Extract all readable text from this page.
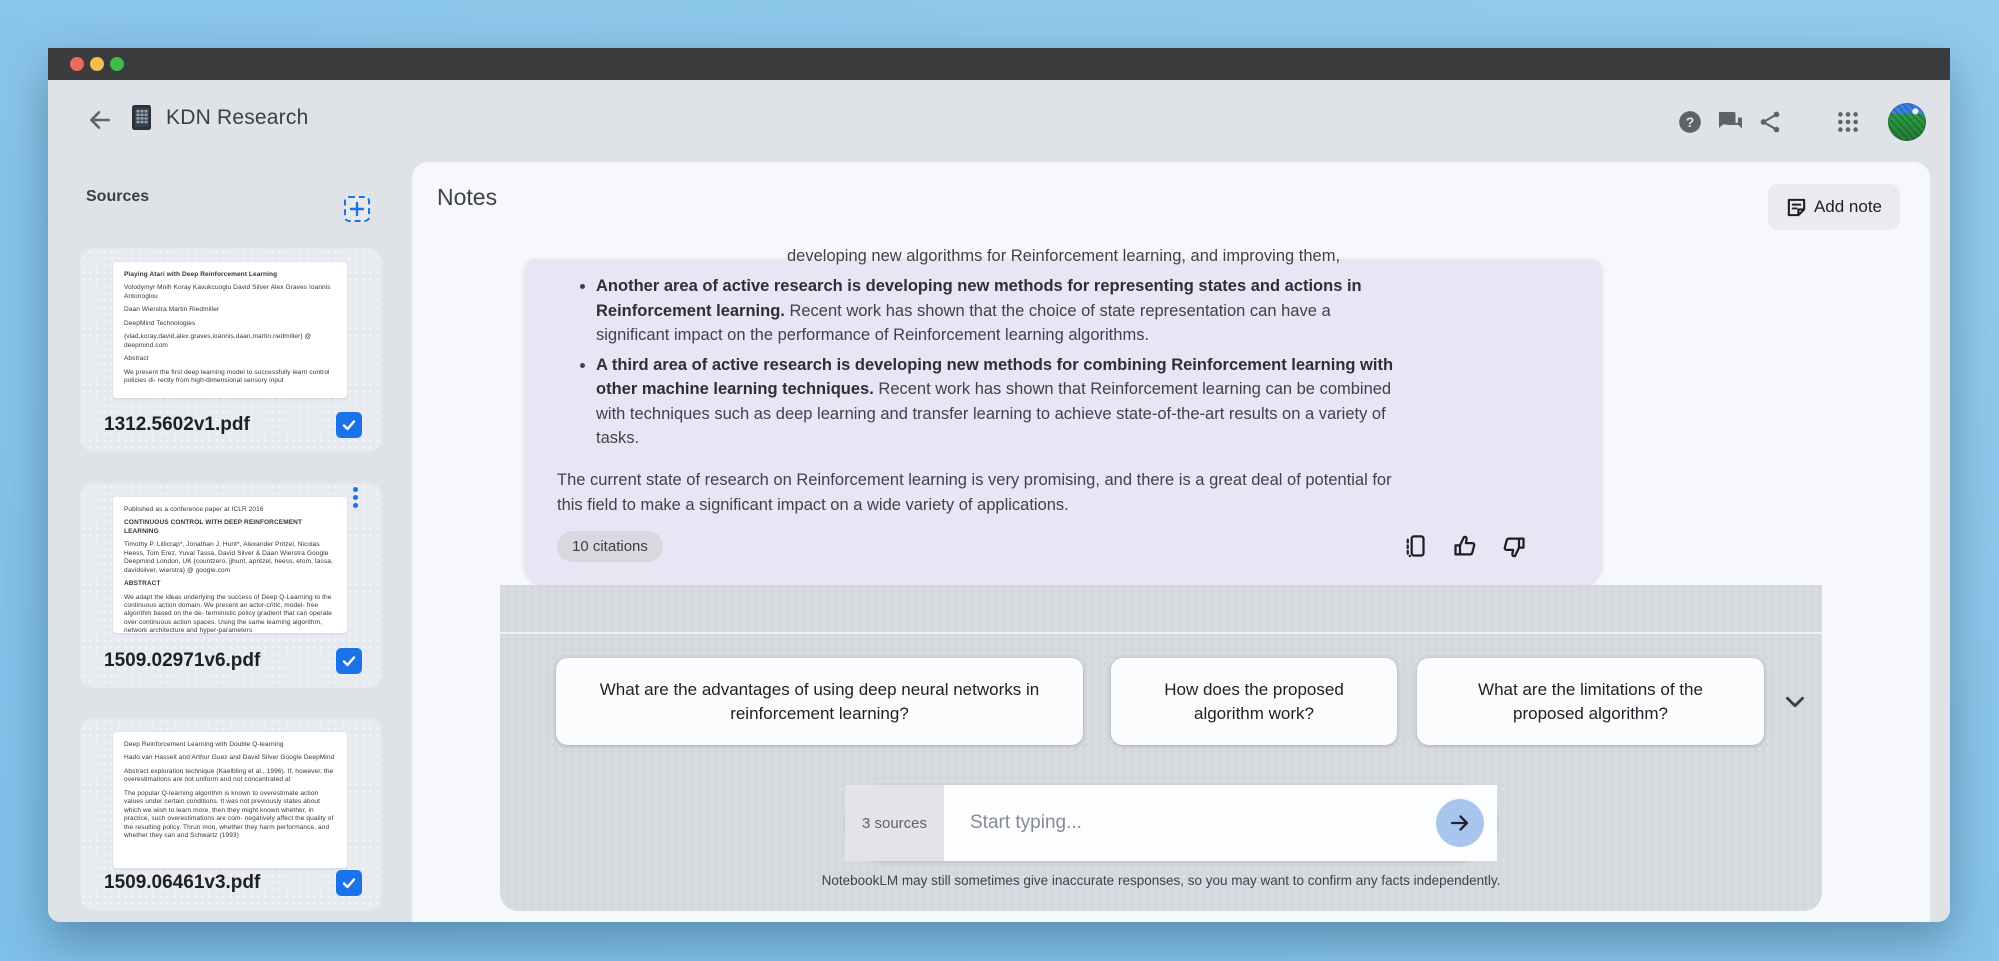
KDN Research	?
Sources

Playing Atari with Deep Reinforcement Learning

Volodymyr Mnih Koray Kavukcuoglu David Silver Alex Graves Ioannis Antonoglou

Daan Wierstra Martin Riedmiller

DeepMind Technologies

{vlad,koray,david,alex.graves,ioannis,daan,martin.riedmiller} @ deepmind.com

Abstract

We present the first deep learning model to successfully learn control policies di- rectly from high-dimensional sensory input

1312.5602v1.pdf

Published as a conference paper at ICLR 2016

CONTINUOUS CONTROL WITH DEEP REINFORCEMENT LEARNING

Timothy P. Lillicrap*, Jonathan J. Hunt*, Alexander Pritzel, Nicolas Heess, Tom Erez, Yuval Tassa, David Silver & Daan Wierstra Google Deepmind London, UK {countzero, jjhunt, apritzel, heess, etom, tassa, davidsilver, wierstra} @ google.com

ABSTRACT

We adapt the ideas underlying the success of Deep Q-Learning to the continuous action domain. We present an actor-critic, model- free algorithm based on the de- terministic policy gradient that can operate over continuous action spaces. Using the same learning algorithm, network architecture and hyper-parameters

1509.02971v6.pdf

Deep Reinforcement Learning with Double Q-learning

Hado van Hasselt and Arthur Guez and David Silver Google DeepMind

Abstract exploration technique (Kaelbling et al., 1996). If, however, the overestimations are not uniform and not concentrated at

The popular Q-learning algorithm is known to overestimate action values under certain conditions. It was not previously states about which we wish to learn more, then they might known whether, in practice, such overestimations are com- negatively affect the quality of the resulting policy. Thrun mon, whether they harm performance, and whether they can and Schwartz (1993)

1509.06461v3.pdf
Notes	Add note
developing new algorithms for Reinforcement learning, and improving them,
• Another area of active research is developing new methods for representing states and actions in Reinforcement learning. Recent work has shown that the choice of state representation can have a significant impact on the performance of Reinforcement learning algorithms.
• A third area of active research is developing new methods for combining Reinforcement learning with other machine learning techniques. Recent work has shown that Reinforcement learning can be combined with techniques such as deep learning and transfer learning to achieve state-of-the-art results on a variety of tasks.

The current state of research on Reinforcement learning is very promising, and there is a great deal of potential for this field to make a significant impact on a wide variety of applications.

10 citations
What are the advantages of using deep neural networks in reinforcement learning?
How does the proposed algorithm work?
What are the limitations of the proposed algorithm?
3 sources
Start typing...
NotebookLM may still sometimes give inaccurate responses, so you may want to confirm any facts independently.
